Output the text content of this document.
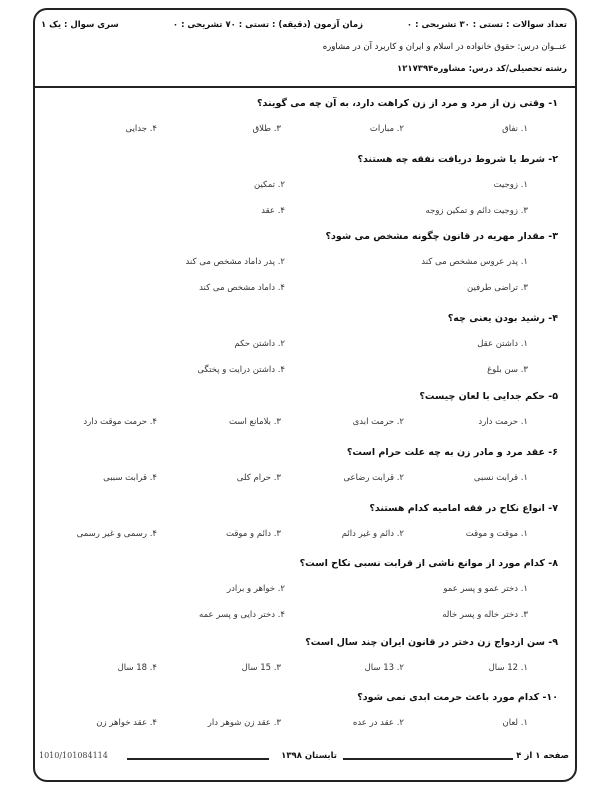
تعداد سوالات : تستی : ۳۰ تشریحی : ۰
زمان آزمون (دقیقه) : تستی : ۷۰ تشریحی : ۰
سری سوال : یک ۱
عنــوان درس: حقوق خانواده در اسلام و ایران و کاربرد آن در مشاوره
رشته تحصیلی/کد درس: مشاوره۱۲۱۷۳۹۴
۱- وقتی زن از مرد و مرد از زن کراهت دارد، به آن چه می گویند؟
۱. نفاق
۲. مبارات
۳. طلاق
۴. جدایی
۲- شرط یا شروط دریافت نفقه چه هستند؟
۱. زوجیت
۲. تمکین
۳. زوجیت دائم و تمکین زوجه
۴. عقد
۳- مقدار مهریه در قانون چگونه مشخص می شود؟
۱. پدر عروس مشخص می کند
۲. پدر داماد مشخص می کند
۳. تراضی طرفین
۴. داماد مشخص می کند
۴- رشید بودن یعنی چه؟
۱. داشتن عقل
۲. داشتن حکم
۳. سن بلوغ
۴. داشتن درایت و پختگی
۵- حکم جدایی با لعان چیست؟
۱. حرمت دارد
۲. حرمت ابدی
۳. بلامانع است
۴. حرمت موقت دارد
۶- عقد مرد و مادر زن به چه علت حرام است؟
۱. قرابت نسبی
۲. قرابت رضاعی
۳. حرام کلی
۴. قرابت سببی
۷- انواع نکاح در فقه امامیه کدام هستند؟
۱. موقت و موقت
۲. دائم و غیر دائم
۳. دائم و موقت
۴. رسمی و غیر رسمی
۸- کدام مورد از موانع ناشی از قرابت نسبی نکاح است؟
۱. دختر عمو و پسر عمو
۲. خواهر و برادر
۳. دختر خاله و پسر خاله
۴. دختر دایی و پسر عمه
۹- سن ازدواج زن دختر در قانون ایران چند سال است؟
۱. 12 سال
۲. 13 سال
۳. 15 سال
۴. 18 سال
۱۰- کدام مورد باعث حرمت ابدی نمی شود؟
۱. لعان
۲. عقد در عده
۳. عقد زن شوهر دار
۴. عقد خواهر زن
صفحه ۱ از ۴
تابستان ۱۳۹۸
1010/101084114
